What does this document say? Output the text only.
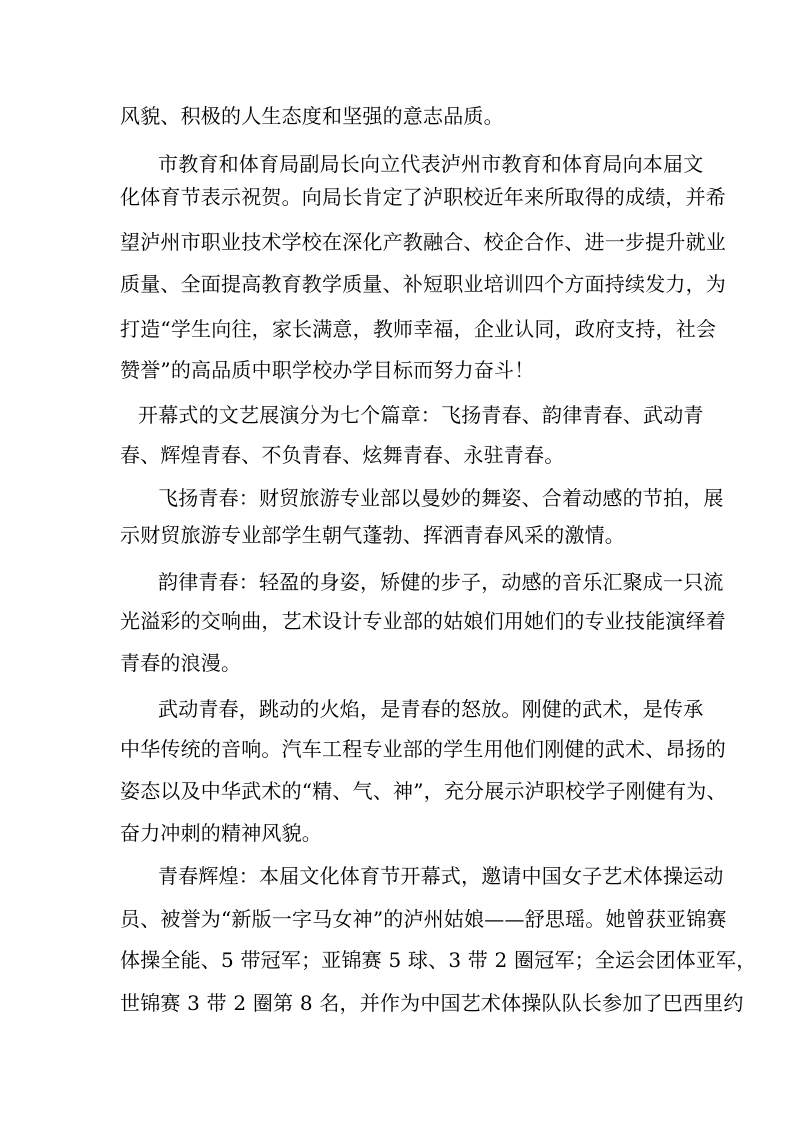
风貌、积极的人生态度和坚强的意志品质。
市教育和体育局副局长向立代表泸州市教育和体育局向本届文
化体育节表示祝贺。向局长肯定了泸职校近年来所取得的成绩，并希
望泸州市职业技术学校在深化产教融合、校企合作、进一步提升就业
质量、全面提高教育教学质量、补短职业培训四个方面持续发力，为
打造“学生向往，家长满意，教师幸福，企业认同，政府支持，社会
赞誉”的高品质中职学校办学目标而努力奋斗！
开幕式的文艺展演分为七个篇章：飞扬青春、韵律青春、武动青
春、辉煌青春、不负青春、炫舞青春、永驻青春。
飞扬青春：财贸旅游专业部以曼妙的舞姿、合着动感的节拍，展
示财贸旅游专业部学生朝气蓬勃、挥洒青春风采的激情。
韵律青春：轻盈的身姿，矫健的步子，动感的音乐汇聚成一只流
光溢彩的交响曲，艺术设计专业部的姑娘们用她们的专业技能演绎着
青春的浪漫。
武动青春，跳动的火焰，是青春的怒放。刚健的武术，是传承
中华传统的音响。汽车工程专业部的学生用他们刚健的武术、昂扬的
姿态以及中华武术的“精、气、神”，充分展示泸职校学子刚健有为、
奋力冲刺的精神风貌。
青春辉煌：本届文化体育节开幕式，邀请中国女子艺术体操运动
员、被誉为“新版一字马女神”的泸州姑娘——舒思瑶。她曾获亚锦赛
体操全能、5 带冠军；亚锦赛 5 球、3 带 2 圈冠军；全运会团体亚军，
世锦赛 3 带 2 圈第 8 名，并作为中国艺术体操队队长参加了巴西里约
